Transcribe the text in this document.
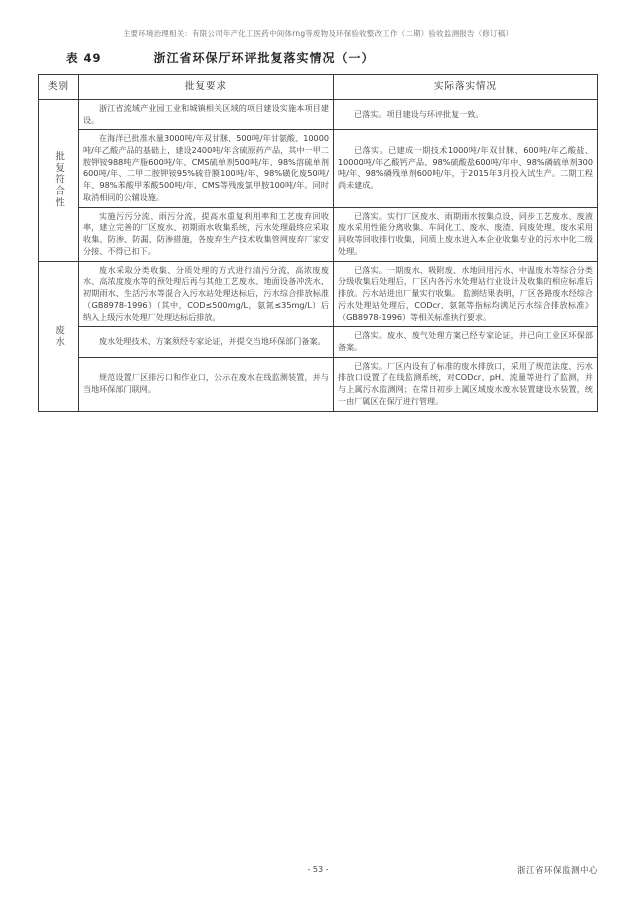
主要环境治理相关：有限公司年产化工医药中间体rng等废物及环保验收整改工作（二期）验收监测报告（修订稿）
表 49	浙江省环保厅环评批复落实情况（一）
类别	批复要求	实际落实情况

批复符合性	浙江省流域产业园工业和城镇相关区域的项目建设实施本项目建设。	已落实。项目建设与环评批复一致。

	在海洋已批准水量3000吨/年双甘脒、500吨/年甘氨酸、10000吨/年乙酸产品的基础上，建设2400吨/年含硫原药产品，其中一甲二胺钾铵988吨产脂600吨/年、CMS硫单剂500吨/年、98%溶硫单剂600吨/年、二甲二胺钾铵95%硫苷膜100吨/年、98%磺化废50吨/年、98%苯酸甲苯酸500吨/年、CMS等残废氯甲胺100吨/年。同时取消相同的公辅设施。	已落实。已建成一期技术1000吨/年双甘脒、600吨/年乙酸盐、10000吨/年乙酸钙产品、98%硫酸盐600吨/年中、98%磷硫单剂300吨/年、98%磷残单剂600吨/年，于2015年3月投入试生产。二期工程尚未建成。

	实施污污分流、雨污分流，提高水重复利用率和工艺废弃回收率，建立完善的厂区废水、初期雨水收集系统，污水处理最终应采取收集、防渗、防漏、防渗措施，各废弃生产技术收集管网废弃厂家安分接、不得已扣下。	已落实。实行厂区废水、雨期雨水按集点设、同步工艺废水、废液废水采用性能分离收集、车间化工、废水、废渣、同废处理、废水采用同收等回收排行收集，同质上废水进入本企业收集专业的污水中化二级处理。

废水	废水采取分类收集、分质处理的方式进行清污分流，高浓废废水、高浓度废水等的预处理后再与其他工艺废水、地面设备冲洗水、初期雨水、生活污水等混合入污水站处理达标后，污水综合排放标准（GB8978-1996）（其中，COD≤500mg/L，氨氮≤35mg/L）后纳入上级污水处理厂处理达标后排放。	已落实。一期废水、吸附废、水地回用污水、中温废水等综合分类分级收集后处理后，厂区内各污水处理站行业设计及收集的相应标准后排放。污水站进出厂量实行收集。 监测结果表明，厂区各路废水经综合污水处理站处理后，CODcr、氨氮等指标均满足污水综合排放标准》（GB8978-1996）等相关标准执行要求。

	废水处理技术、方案须经专家论证，并提交当地环保部门备案。	已落实。废水、废气处理方案已经专家论证，并已向工业区环保部备案。

	规范设置厂区排污口和作业口，公示在废水在线监测装置，并与当地环保部门联网。	已落实。厂区内设有了标准的废水排放口，采用了规范法度、污水排放口设置了在线监测系统，对CODcr、pH、流量等进行了监测，并与上属污水监测网；在常日初步上属区域废水废水装置建设水装置，统一由厂属区在保厅进行管理。
- 53 -	浙江省环保监测中心
